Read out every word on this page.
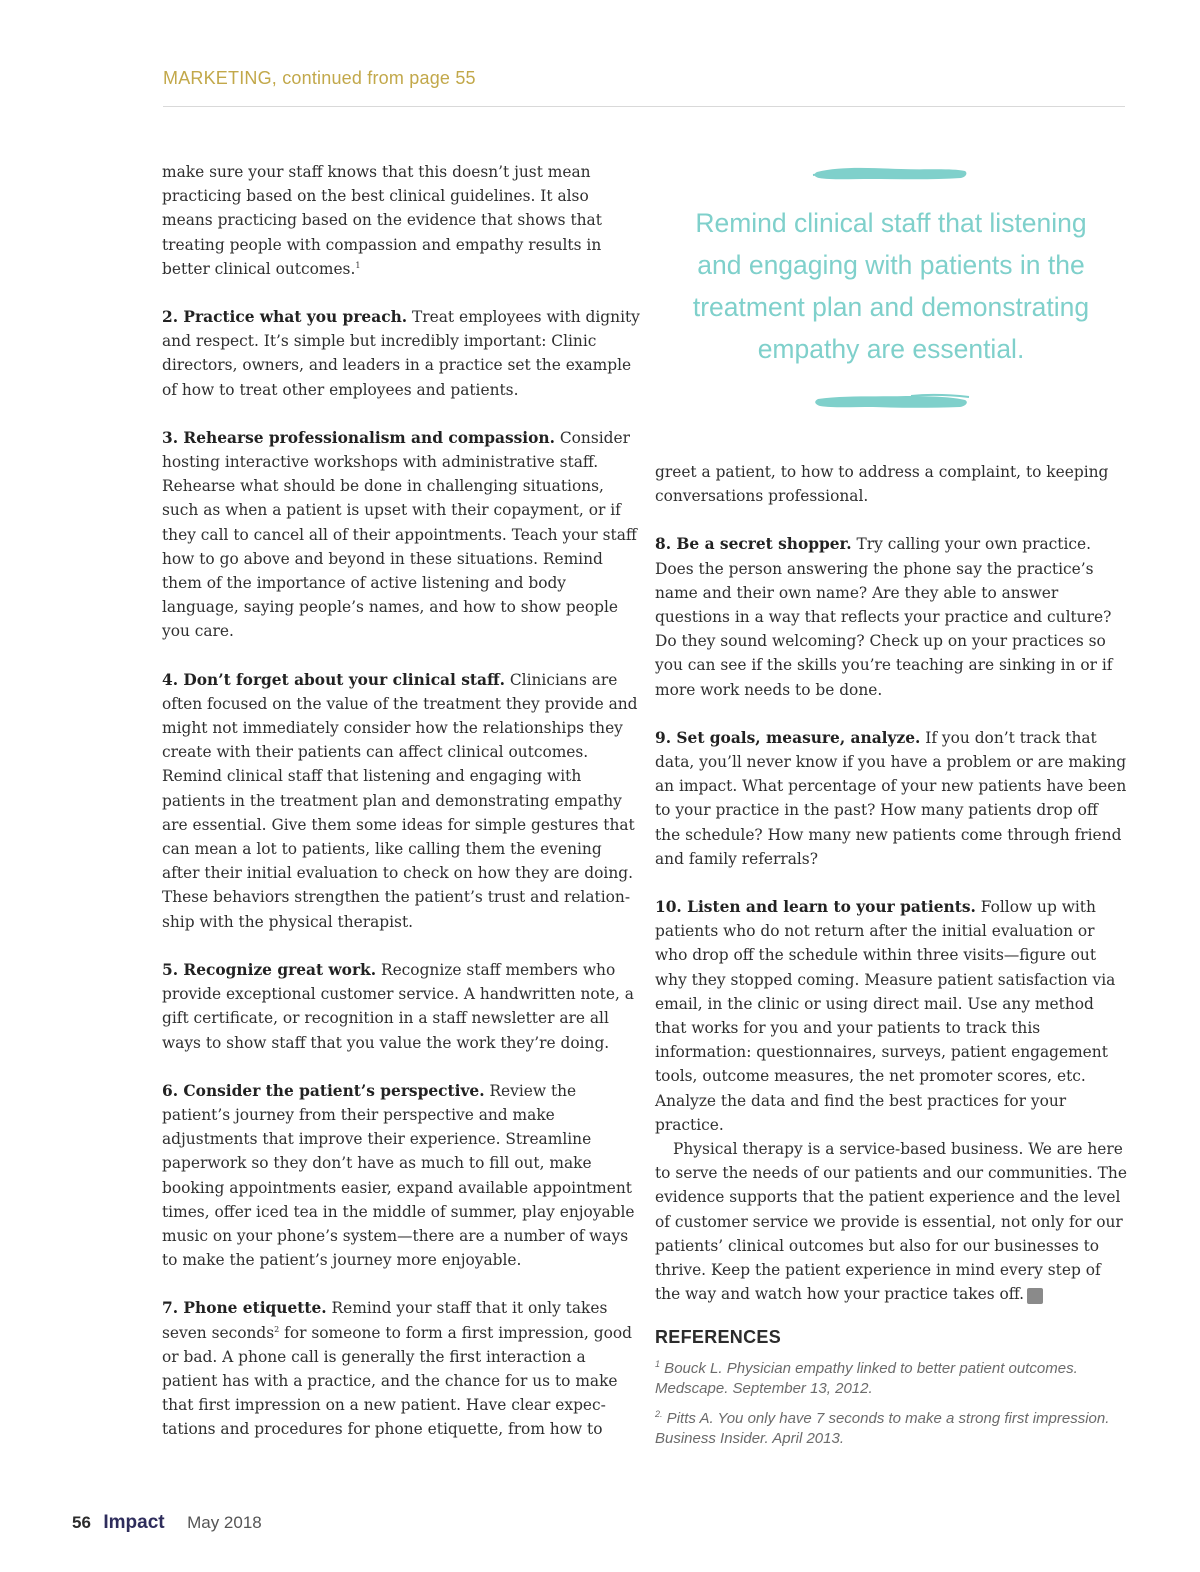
MARKETING, continued from page 55

make sure your staff knows that this doesn’t just mean practicing based on the best clinical guidelines. It also means practicing based on the evidence that shows that treating people with compassion and empathy results in better clinical outcomes.$^1$

2. Practice what you preach. Treat employees with dignity and respect. It’s simple but incredibly important: Clinic directors, owners, and leaders in a practice set the example of how to treat other employees and patients.

3. Rehearse professionalism and compassion. Consider hosting interactive workshops with administrative staff. Rehearse what should be done in challenging situations, such as when a patient is upset with their copayment, or if they call to cancel all of their appointments. Teach your staff how to go above and beyond in these situations. Remind them of the importance of active listening and body language, saying people’s names, and how to show people you care.

4. Don’t forget about your clinical staff. Clinicians are often focused on the value of the treatment they provide and might not immediately consider how the relationships they create with their patients can affect clinical outcomes. Remind clinical staff that listening and engaging with patients in the treatment plan and demonstrating empathy are essential. Give them some ideas for simple gestures that can mean a lot to patients, like calling them the evening after their initial evaluation to check on how they are doing. These behaviors strengthen the patient’s trust and relationship with the physical therapist.

5. Recognize great work. Recognize staff members who provide exceptional customer service. A handwritten note, a gift certificate, or recognition in a staff newsletter are all ways to show staff that you value the work they’re doing.

6. Consider the patient’s perspective. Review the patient’s journey from their perspective and make adjustments that improve their experience. Streamline paperwork so they don’t have as much to fill out, make booking appointments easier, expand available appointment times, offer iced tea in the middle of summer, play enjoyable music on your phone’s system—there are a number of ways to make the patient’s journey more enjoyable.

7. Phone etiquette. Remind your staff that it only takes seven seconds$^2$ for someone to form a first impression, good or bad. A phone call is generally the first interaction a patient has with a practice, and the chance for us to make that first impression on a new patient. Have clear expectations and procedures for phone etiquette, from how to

Remind clinical staff that listening and engaging with patients in the treatment plan and demonstrating empathy are essential.

greet a patient, to how to address a complaint, to keeping conversations professional.

8. Be a secret shopper. Try calling your own practice. Does the person answering the phone say the practice’s name and their own name? Are they able to answer questions in a way that reflects your practice and culture? Do they sound welcoming? Check up on your practices so you can see if the skills you’re teaching are sinking in or if more work needs to be done.

9. Set goals, measure, analyze. If you don’t track that data, you’ll never know if you have a problem or are making an impact. What percentage of your new patients have been to your practice in the past? How many patients drop off the schedule? How many new patients come through friend and family referrals?

10. Listen and learn to your patients. Follow up with patients who do not return after the initial evaluation or who drop off the schedule within three visits—figure out why they stopped coming. Measure patient satisfaction via email, in the clinic or using direct mail. Use any method that works for you and your patients to track this information: questionnaires, surveys, patient engagement tools, outcome measures, the net promoter scores, etc. Analyze the data and find the best practices for your practice.

Physical therapy is a service-based business. We are here to serve the needs of our patients and our communities. The evidence supports that the patient experience and the level of customer service we provide is essential, not only for our patients’ clinical outcomes but also for our businesses to thrive. Keep the patient experience in mind every step of the way and watch how your practice takes off. I

REFERENCES
$^1$ Bouck L. Physician empathy linked to better patient outcomes. Medscape. September 13, 2012.
$^{2.}$ Pitts A. You only have 7 seconds to make a strong first impression. Business Insider. April 2013.
56 Impact May 2018
